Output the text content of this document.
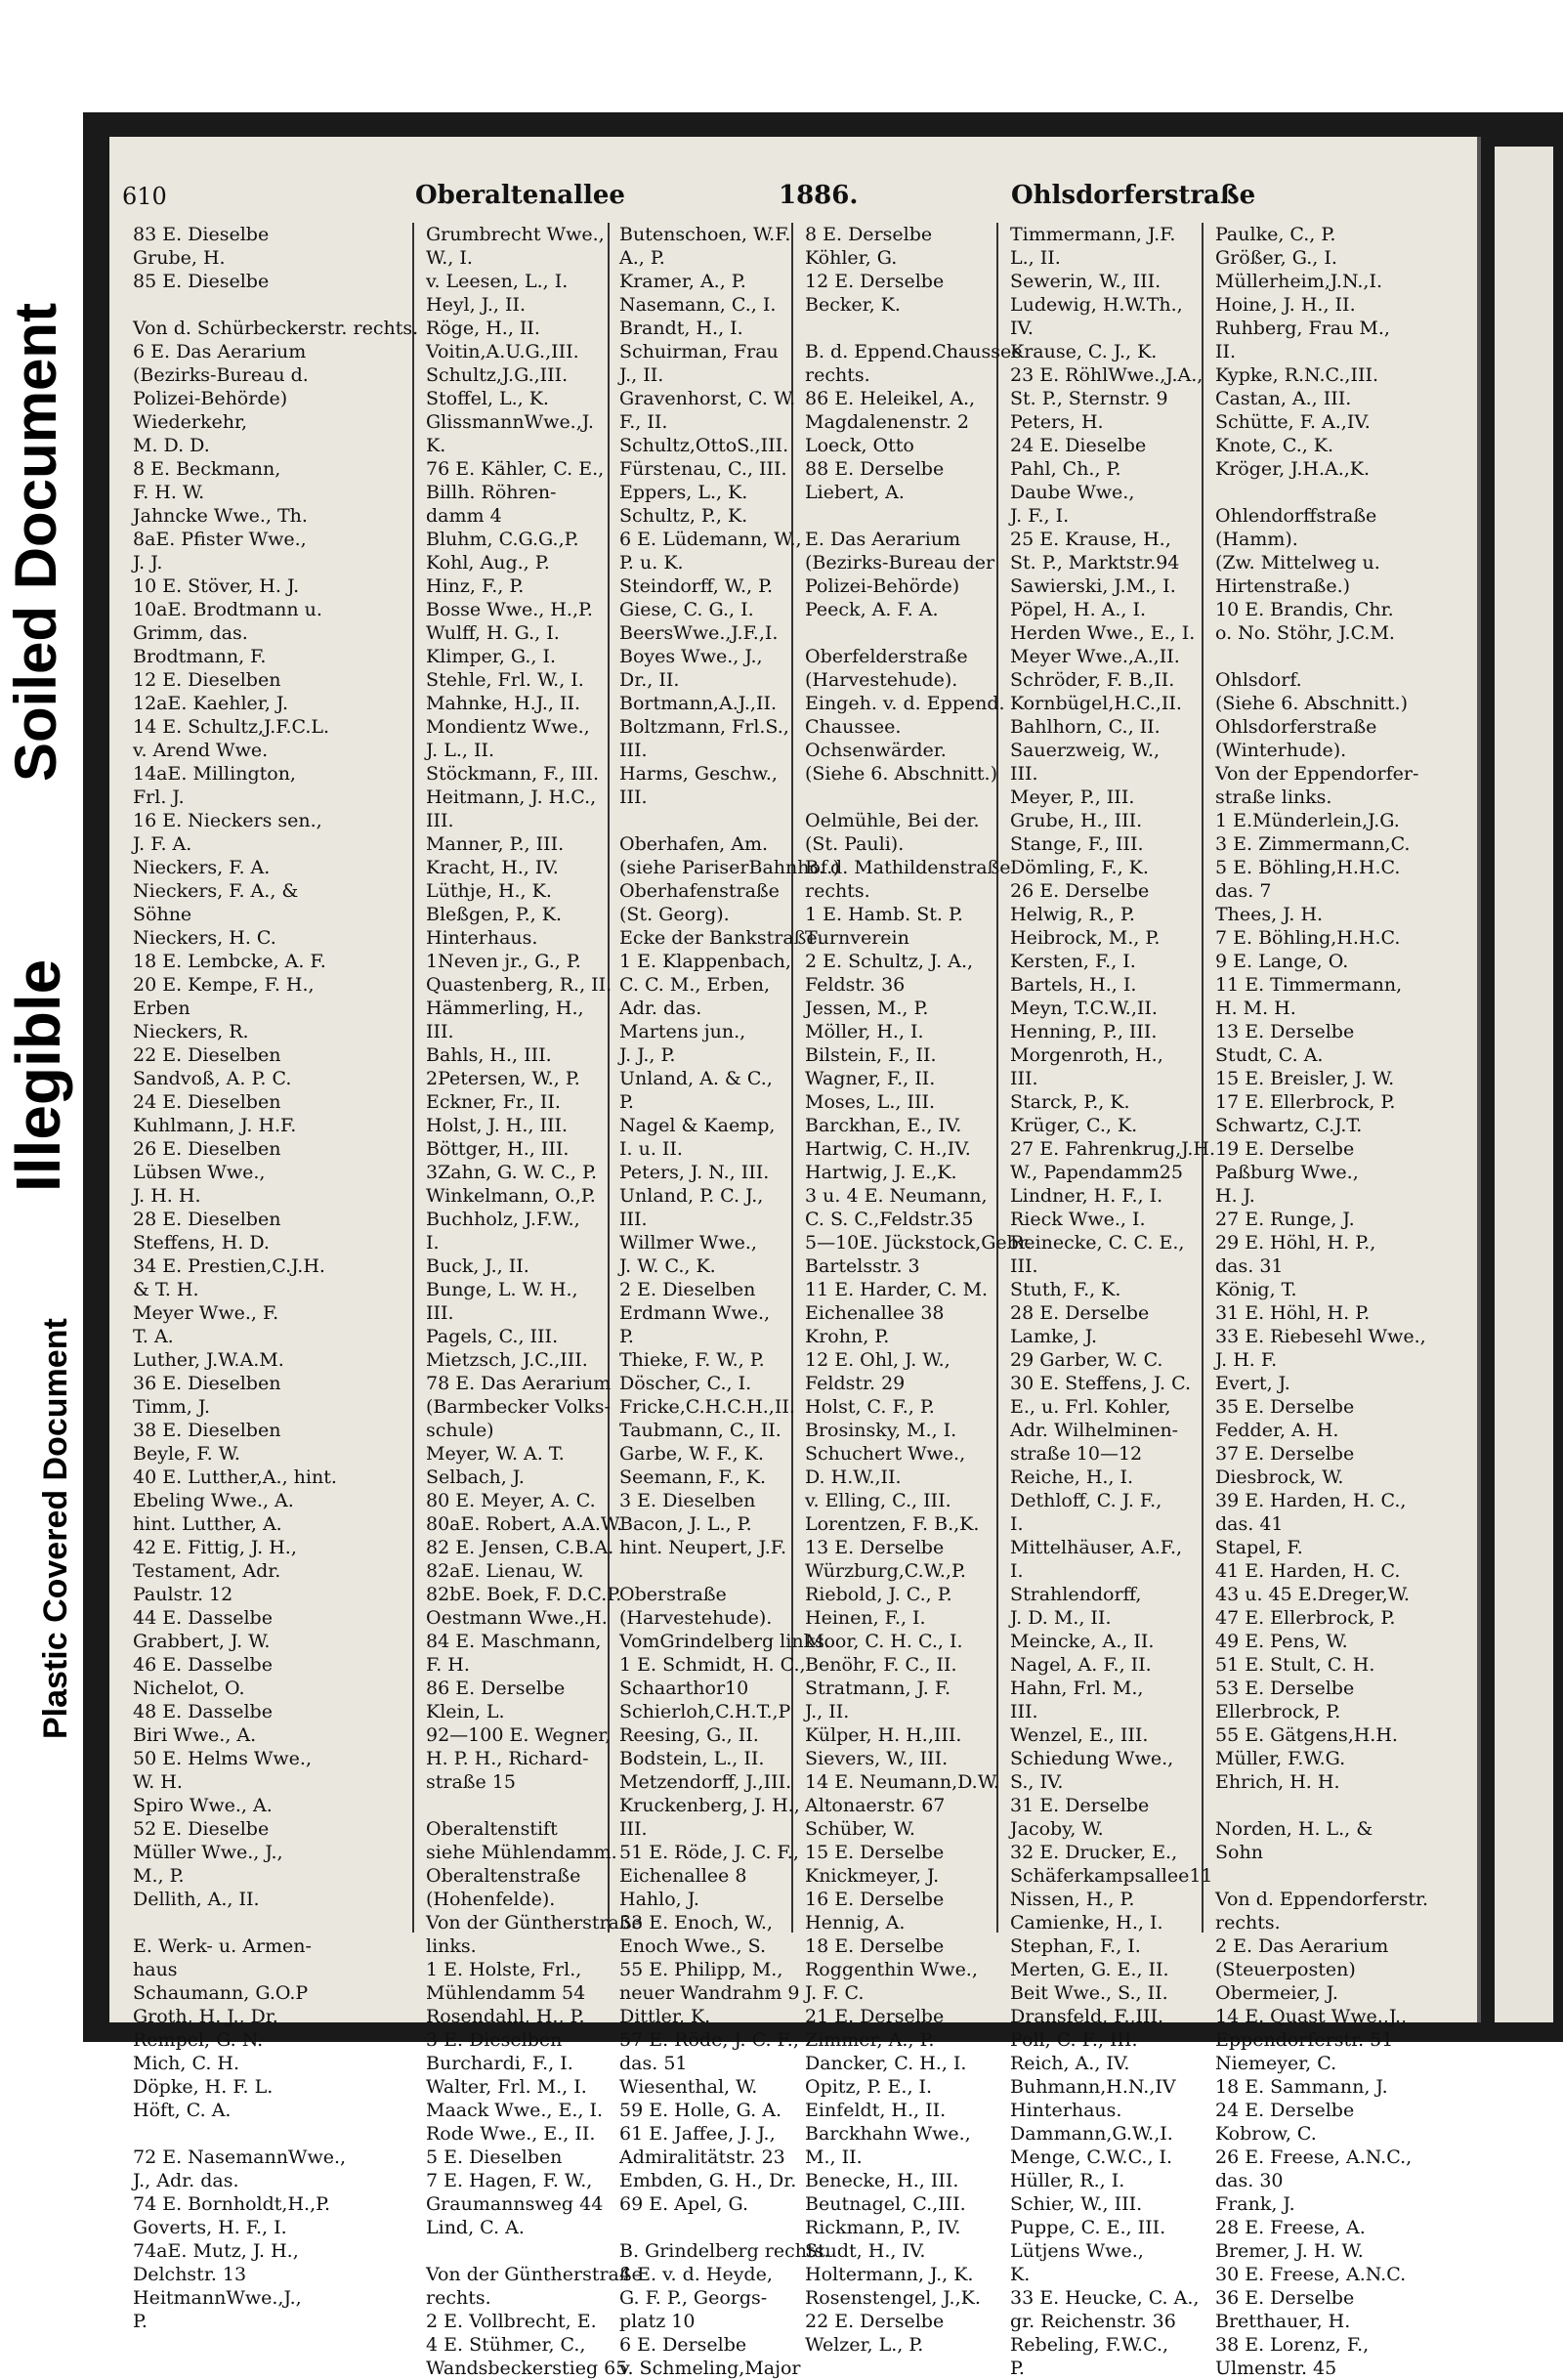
Soiled Document
Illegible
Plastic Covered Document
610	Oberaltenallee	1886.	Ohlsdorferstraße
83 E. Dieselbe
Grube, H.
85 E. Dieselbe
Von d. Schürbeckerstr. rechts.
6 E. Das Aerarium
(Bezirks-Bureau d.
Polizei-Behörde)
Wiederkehr,
M. D. D.
8 E. Beckmann,
F. H. W.
Jahncke Wwe., Th.
8aE. Pfister Wwe.,
J. J.
10 E. Stöver, H. J.
10aE. Brodtmann u.
Grimm, das.
Brodtmann, F.
12 E. Dieselben
12aE. Kaehler, J.
14 E. Schultz,J.F.C.L.
v. Arend Wwe.
14aE. Millington,
Frl. J.
16 E. Nieckers sen.,
J. F. A.
Nieckers, F. A.
Nieckers, F. A., &
Söhne
Nieckers, H. C.
18 E. Lembcke, A. F.
20 E. Kempe, F. H.,
Erben
Nieckers, R.
22 E. Dieselben
Sandvoß, A. P. C.
24 E. Dieselben
Kuhlmann, J. H.F.
26 E. Dieselben
Lübsen Wwe.,
J. H. H.
28 E. Dieselben
Steffens, H. D.
34 E. Prestien,C.J.H.
& T. H.
Meyer Wwe., F.
T. A.
Luther, J.W.A.M.
36 E. Dieselben
Timm, J.
38 E. Dieselben
Beyle, F. W.
40 E. Lutther,A., hint.
Ebeling Wwe., A.
hint. Lutther, A.
42 E. Fittig, J. H.,
Testament, Adr.
Paulstr. 12
44 E. Dasselbe
Grabbert, J. W.
46 E. Dasselbe
Nichelot, O.
48 E. Dasselbe
Biri Wwe., A.
50 E. Helms Wwe.,
W. H.
Spiro Wwe., A.
52 E. Dieselbe
Müller Wwe., J.,
M., P.
Dellith, A., II.
E. Werk- u. Armen-
haus
Schaumann, G.O.P
Groth, H. J., Dr.
Rempel, G. N.
Mich, C. H.
Döpke, H. F. L.
Höft, C. A.
72 E. NasemannWwe.,
J., Adr. das.
74 E. Bornholdt,H.,P.
Goverts, H. F., I.
74aE. Mutz, J. H.,
Delchstr. 13
HeitmannWwe.,J.,
P.
Grumbrecht Wwe.,
W., I.
v. Leesen, L., I.
Heyl, J., II.
Röge, H., II.
Voitin,A.U.G.,III.
Schultz,J.G.,III.
Stoffel, L., K.
GlissmannWwe.,J.
K.
76 E. Kähler, C. E.,
Billh. Röhren-
damm 4
Bluhm, C.G.G.,P.
Kohl, Aug., P.
Hinz, F., P.
Bosse Wwe., H.,P.
Wulff, H. G., I.
Klimper, G., I.
Stehle, Frl. W., I.
Mahnke, H.J., II.
Mondientz Wwe.,
J. L., II.
Stöckmann, F., III.
Heitmann, J. H.C.,
III.
Manner, P., III.
Kracht, H., IV.
Lüthje, H., K.
Bleßgen, P., K.
Hinterhaus.
1Neven jr., G., P.
Quastenberg, R., II.
Hämmerling, H.,
III.
Bahls, H., III.
2Petersen, W., P.
Eckner, Fr., II.
Holst, J. H., III.
Böttger, H., III.
3Zahn, G. W. C., P.
Winkelmann, O.,P.
Buchholz, J.F.W.,
I.
Buck, J., II.
Bunge, L. W. H.,
III.
Pagels, C., III.
Mietzsch, J.C.,III.
78 E. Das Aerarium
(Barmbecker Volks-
schule)
Meyer, W. A. T.
Selbach, J.
80 E. Meyer, A. C.
80aE. Robert, A.A.W.
82 E. Jensen, C.B.A.
82aE. Lienau, W.
82bE. Boek, F. D.C.P.
Oestmann Wwe.,H.
84 E. Maschmann,
F. H.
86 E. Derselbe
Klein, L.
92—100 E. Wegner,
H. P. H., Richard-
straße 15
Oberaltenstift
siehe Mühlendamm.
Oberaltenstraße
(Hohenfelde).
Von der Güntherstraße
links.
1 E. Holste, Frl.,
Mühlendamm 54
Rosendahl, H., P.
3 E. Dieselben
Burchardi, F., I.
Walter, Frl. M., I.
Maack Wwe., E., I.
Rode Wwe., E., II.
5 E. Dieselben
7 E. Hagen, F. W.,
Graumannsweg 44
Lind, C. A.
Von der Güntherstraße
rechts.
2 E. Vollbrecht, E.
4 E. Stühmer, C.,
Wandsbeckerstieg 65
Butenschoen, W.F.
A., P.
Kramer, A., P.
Nasemann, C., I.
Brandt, H., I.
Schuirman, Frau
J., II.
Gravenhorst, C. W.
F., II.
Schultz,OttoS.,III.
Fürstenau, C., III.
Eppers, L., K.
Schultz, P., K.
6 E. Lüdemann, W.,
P. u. K.
Steindorff, W., P.
Giese, C. G., I.
BeersWwe.,J.F.,I.
Boyes Wwe., J.,
Dr., II.
Bortmann,A.J.,II.
Boltzmann, Frl.S.,
III.
Harms, Geschw.,
III.
Oberhafen, Am.
(siehe PariserBahnhof.)
Oberhafenstraße
(St. Georg).
Ecke der Bankstraße.
1 E. Klappenbach,
C. C. M., Erben,
Adr. das.
Martens jun.,
J. J., P.
Unland, A. & C.,
P.
Nagel & Kaemp,
I. u. II.
Peters, J. N., III.
Unland, P. C. J.,
III.
Willmer Wwe.,
J. W. C., K.
2 E. Dieselben
Erdmann Wwe.,
P.
Thieke, F. W., P.
Döscher, C., I.
Fricke,C.H.C.H.,II.
Taubmann, C., II.
Garbe, W. F., K.
Seemann, F., K.
3 E. Dieselben
Bacon, J. L., P.
hint. Neupert, J.F.
Oberstraße
(Harvestehude).
VomGrindelberg links.
1 E. Schmidt, H. C.,
Schaarthor10
Schierloh,C.H.T.,P
Reesing, G., II.
Bodstein, L., II.
Metzendorff, J.,III.
Kruckenberg, J. H.,
III.
51 E. Röde, J. C. F.,
Eichenallee 8
Hahlo, J.
53 E. Enoch, W.,
Enoch Wwe., S.
55 E. Philipp, M.,
neuer Wandrahm 9
Dittler, K.
57 E. Röde, J. C. F.,
das. 51
Wiesenthal, W.
59 E. Holle, G. A.
61 E. Jaffee, J. J.,
Admiralitätstr. 23
Embden, G. H., Dr.
69 E. Apel, G.
B. Grindelberg rechts.
4 E. v. d. Heyde,
G. F. P., Georgs-
platz 10
6 E. Derselbe
v. Schmeling,Major
8 E. Derselbe
Köhler, G.
12 E. Derselbe
Becker, K.
B. d. Eppend.Chaussee
rechts.
86 E. Heleikel, A.,
Magdalenenstr. 2
Loeck, Otto
88 E. Derselbe
Liebert, A.
E. Das Aerarium
(Bezirks-Bureau der
Polizei-Behörde)
Peeck, A. F. A.
Oberfelderstraße
(Harvestehude).
Eingeh. v. d. Eppend.
Chaussee.
Ochsenwärder.
(Siehe 6. Abschnitt.)
Oelmühle, Bei der.
(St. Pauli).
B. d. Mathildenstraße
rechts.
1 E. Hamb. St. P.
Turnverein
2 E. Schultz, J. A.,
Feldstr. 36
Jessen, M., P.
Möller, H., I.
Bilstein, F., II.
Wagner, F., II.
Moses, L., III.
Barckhan, E., IV.
Hartwig, C. H.,IV.
Hartwig, J. E.,K.
3 u. 4 E. Neumann,
C. S. C.,Feldstr.35
5—10E. Jückstock,Gebr.
Bartelsstr. 3
11 E. Harder, C. M.
Eichenallee 38
Krohn, P.
12 E. Ohl, J. W.,
Feldstr. 29
Holst, C. F., P.
Brosinsky, M., I.
Schuchert Wwe.,
D. H.W.,II.
v. Elling, C., III.
Lorentzen, F. B.,K.
13 E. Derselbe
Würzburg,C.W.,P.
Riebold, J. C., P.
Heinen, F., I.
Moor, C. H. C., I.
Benöhr, F. C., II.
Stratmann, J. F.
J., II.
Külper, H. H.,III.
Sievers, W., III.
14 E. Neumann,D.W.
Altonaerstr. 67
Schüber, W.
15 E. Derselbe
Knickmeyer, J.
16 E. Derselbe
Hennig, A.
18 E. Derselbe
Roggenthin Wwe.,
J. F. C.
21 E. Derselbe
Zimmer, A., P.
Dancker, C. H., I.
Opitz, P. E., I.
Einfeldt, H., II.
Barckhahn Wwe.,
M., II.
Benecke, H., III.
Beutnagel, C.,III.
Rickmann, P., IV.
Studt, H., IV.
Holtermann, J., K.
Rosenstengel, J.,K.
22 E. Derselbe
Welzer, L., P.
Timmermann, J.F.
L., II.
Sewerin, W., III.
Ludewig, H.W.Th.,
IV.
Krause, C. J., K.
23 E. RöhlWwe.,J.A.,
St. P., Sternstr. 9
Peters, H.
24 E. Dieselbe
Pahl, Ch., P.
Daube Wwe.,
J. F., I.
25 E. Krause, H.,
St. P., Marktstr.94
Sawierski, J.M., I.
Pöpel, H. A., I.
Herden Wwe., E., I.
Meyer Wwe.,A.,II.
Schröder, F. B.,II.
Kornbügel,H.C.,II.
Bahlhorn, C., II.
Sauerzweig, W.,
III.
Meyer, P., III.
Grube, H., III.
Stange, F., III.
Dömling, F., K.
26 E. Derselbe
Helwig, R., P.
Heibrock, M., P.
Kersten, F., I.
Bartels, H., I.
Meyn, T.C.W.,II.
Henning, P., III.
Morgenroth, H.,
III.
Starck, P., K.
Krüger, C., K.
27 E. Fahrenkrug,J.H.
W., Papendamm25
Lindner, H. F., I.
Rieck Wwe., I.
Reinecke, C. C. E.,
III.
Stuth, F., K.
28 E. Derselbe
Lamke, J.
29 Garber, W. C.
30 E. Steffens, J. C.
E., u. Frl. Kohler,
Adr. Wilhelminen-
straße 10—12
Reiche, H., I.
Dethloff, C. J. F.,
I.
Mittelhäuser, A.F.,
I.
Strahlendorff,
J. D. M., II.
Meincke, A., II.
Nagel, A. F., II.
Hahn, Frl. M.,
III.
Wenzel, E., III.
Schiedung Wwe.,
S., IV.
31 E. Derselbe
Jacoby, W.
32 E. Drucker, E.,
Schäferkampsallee11
Nissen, H., P.
Camienke, H., I.
Stephan, F., I.
Merten, G. E., II.
Beit Wwe., S., II.
Dransfeld, F.,III.
Poll, C. F., III.
Reich, A., IV.
Buhmann,H.N.,IV
Hinterhaus.
Dammann,G.W.,I.
Menge, C.W.C., I.
Hüller, R., I.
Schier, W., III.
Puppe, C. E., III.
Lütjens Wwe.,
K.
33 E. Heucke, C. A.,
gr. Reichenstr. 36
Rebeling, F.W.C.,
P.
Paulke, C., P.
Größer, G., I.
Müllerheim,J.N.,I.
Hoine, J. H., II.
Ruhberg, Frau M.,
II.
Kypke, R.N.C.,III.
Castan, A., III.
Schütte, F. A.,IV.
Knote, C., K.
Kröger, J.H.A.,K.
Ohlendorffstraße
(Hamm).
(Zw. Mittelweg u.
Hirtenstraße.)
10 E. Brandis, Chr.
o. No. Stöhr, J.C.M.
Ohlsdorf.
(Siehe 6. Abschnitt.)
Ohlsdorferstraße
(Winterhude).
Von der Eppendorfer-
straße links.
1 E.Münderlein,J.G.
3 E. Zimmermann,C.
5 E. Böhling,H.H.C.
das. 7
Thees, J. H.
7 E. Böhling,H.H.C.
9 E. Lange, O.
11 E. Timmermann,
H. M. H.
13 E. Derselbe
Studt, C. A.
15 E. Breisler, J. W.
17 E. Ellerbrock, P.
Schwartz, C.J.T.
19 E. Derselbe
Paßburg Wwe.,
H. J.
27 E. Runge, J.
29 E. Höhl, H. P.,
das. 31
König, T.
31 E. Höhl, H. P.
33 E. Riebesehl Wwe.,
J. H. F.
Evert, J.
35 E. Derselbe
Fedder, A. H.
37 E. Derselbe
Diesbrock, W.
39 E. Harden, H. C.,
das. 41
Stapel, F.
41 E. Harden, H. C.
43 u. 45 E.Dreger,W.
47 E. Ellerbrock, P.
49 E. Pens, W.
51 E. Stult, C. H.
53 E. Derselbe
Ellerbrock, P.
55 E. Gätgens,H.H.
Müller, F.W.G.
Ehrich, H. H.
Norden, H. L., &
Sohn
Von d. Eppendorferstr.
rechts.
2 E. Das Aerarium
(Steuerposten)
Obermeier, J.
14 E. Quast Wwe.,J.,
Eppendorferstr. 51
Niemeyer, C.
18 E. Sammann, J.
24 E. Derselbe
Kobrow, C.
26 E. Freese, A.N.C.,
das. 30
Frank, J.
28 E. Freese, A.
Bremer, J. H. W.
30 E. Freese, A.N.C.
36 E. Derselbe
Bretthauer, H.
38 E. Lorenz, F.,
Ulmenstr. 45
